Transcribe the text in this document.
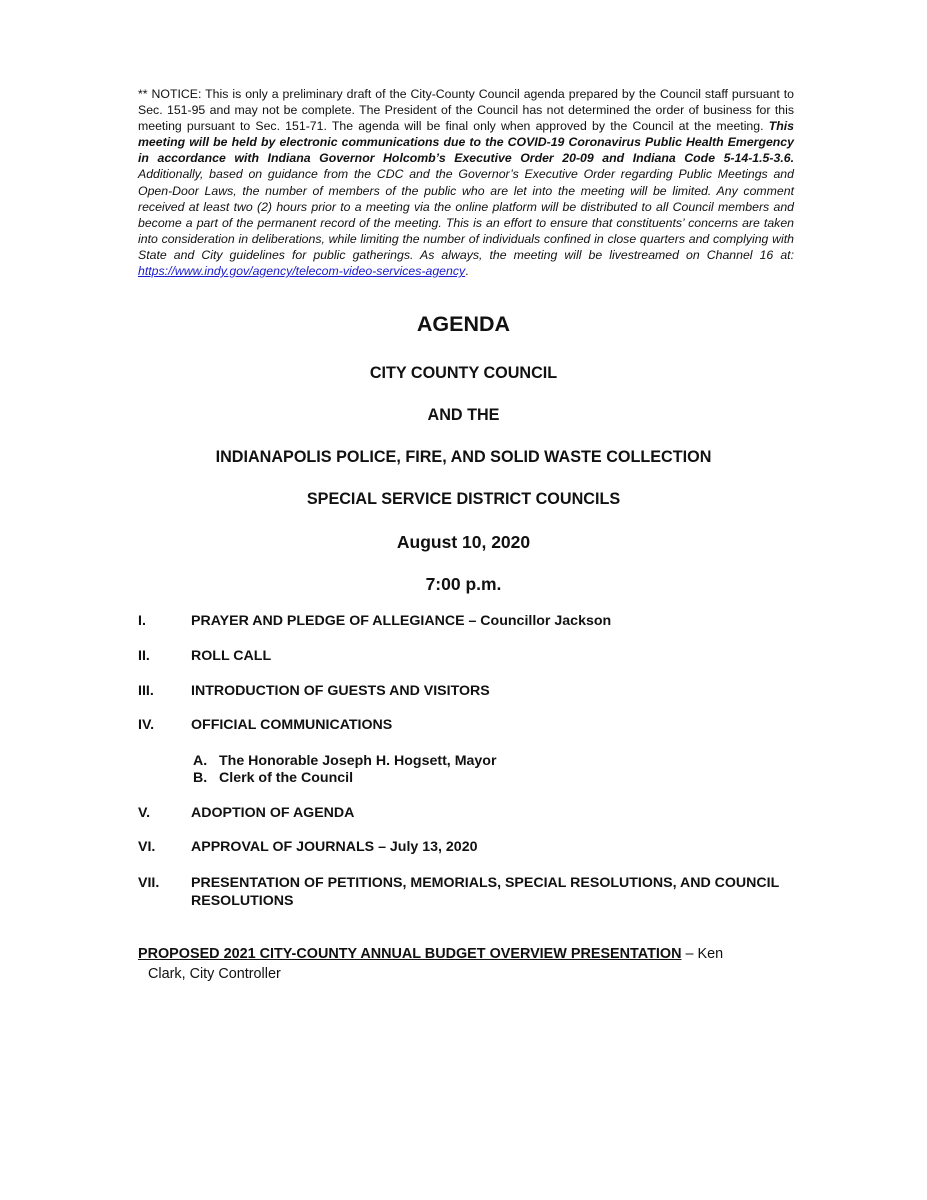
** NOTICE: This is only a preliminary draft of the City-County Council agenda prepared by the Council staff pursuant to Sec. 151-95 and may not be complete. The President of the Council has not determined the order of business for this meeting pursuant to Sec. 151-71. The agenda will be final only when approved by the Council at the meeting. This meeting will be held by electronic communications due to the COVID-19 Coronavirus Public Health Emergency in accordance with Indiana Governor Holcomb’s Executive Order 20-09 and Indiana Code 5-14-1.5-3.6. Additionally, based on guidance from the CDC and the Governor’s Executive Order regarding Public Meetings and Open-Door Laws, the number of members of the public who are let into the meeting will be limited. Any comment received at least two (2) hours prior to a meeting via the online platform will be distributed to all Council members and become a part of the permanent record of the meeting. This is an effort to ensure that constituents’ concerns are taken into consideration in deliberations, while limiting the number of individuals confined in close quarters and complying with State and City guidelines for public gatherings. As always, the meeting will be livestreamed on Channel 16 at: https://www.indy.gov/agency/telecom-video-services-agency.

AGENDA
CITY COUNTY COUNCIL
AND THE
INDIANAPOLIS POLICE, FIRE, AND SOLID WASTE COLLECTION
SPECIAL SERVICE DISTRICT COUNCILS
August 10, 2020
7:00 p.m.
I.	PRAYER AND PLEDGE OF ALLEGIANCE – Councillor Jackson
II.	ROLL CALL
III.	INTRODUCTION OF GUESTS AND VISITORS
IV.	OFFICIAL COMMUNICATIONS
A. The Honorable Joseph H. Hogsett, Mayor
B. Clerk of the Council
V.	ADOPTION OF AGENDA
VI.	APPROVAL OF JOURNALS – July 13, 2020
VII. PRESENTATION OF PETITIONS, MEMORIALS, SPECIAL RESOLUTIONS, AND COUNCIL RESOLUTIONS
PROPOSED 2021 CITY-COUNTY ANNUAL BUDGET OVERVIEW PRESENTATION – Ken
Clark, City Controller
